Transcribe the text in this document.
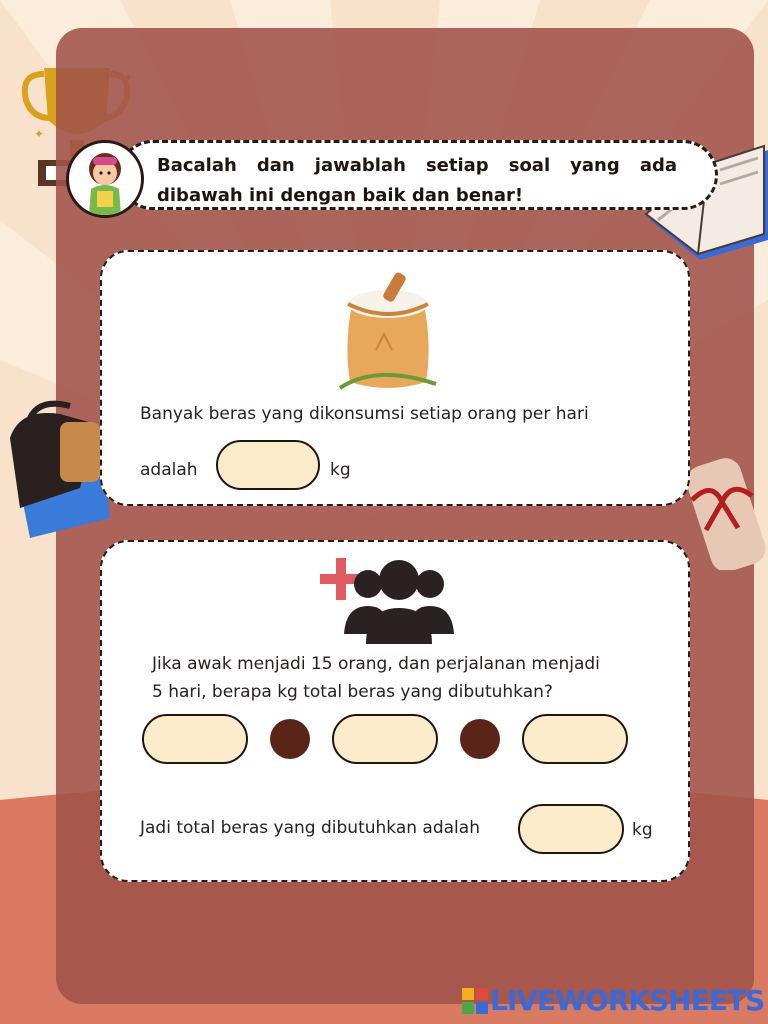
✦
Bacalah dan jawablah setiap soal yang ada dibawah ini dengan baik dan benar!
Banyak beras yang dikonsumsi setiap orang per hari
adalah	kg
Jika awak menjadi 15 orang, dan perjalanan menjadi
5 hari, berapa kg total beras yang dibutuhkan?
Jadi total beras yang dibutuhkan adalah	kg
LIVEWORKSHEETS
